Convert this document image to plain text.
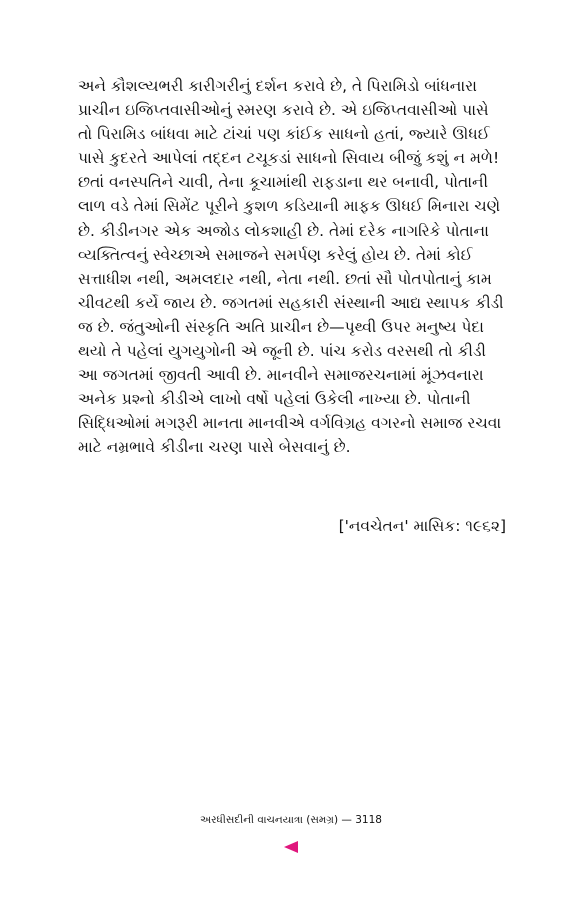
અને કૌશલ્યભરી કારીગરીનું દર્શન કરાવે છે, તે પિરામિડો બાંધનારા
પ્રાચીન ઇજિપ્તવાસીઓનું સ્મરણ કરાવે છે. એ ઇજિપ્તવાસીઓ પાસે
તો પિરામિડ બાંધવા માટે ટાંચાં પણ કાંઈક સાધનો હતાં, જ્યારે ઊધઈ
પાસે કુદરતે આપેલાં તદ્દન ટચૂકડાં સાધનો સિવાય બીજું કશું ન મળે!
છતાં વનસ્પતિને ચાવી, તેના કૂચામાંથી રાફડાના થર બનાવી, પોતાની
લાળ વડે તેમાં સિમેંટ પૂરીને કુશળ કડિયાની માફક ઊધઈ મિનારા ચણે
છે. કીડીનગર એક અજોડ લોકશાહી છે. તેમાં દરેક નાગરિકે પોતાના
વ્યક્તિત્વનું સ્વેચ્છાએ સમાજને સમર્પણ કરેલું હોય છે. તેમાં કોઈ
સત્તાધીશ નથી, અમલદાર નથી, નેતા નથી. છતાં સૌ પોતપોતાનું કામ
ચીવટથી કર્યે જાય છે. જગતમાં સહકારી સંસ્થાની આદ્ય સ્થાપક કીડી
જ છે. જંતુઓની સંસ્કૃતિ અતિ પ્રાચીન છે—પૃથ્વી ઉપર મનુષ્ય પેદા
થયો તે પહેલાં યુગયુગોની એ જૂની છે. પાંચ કરોડ વરસથી તો કીડી
આ જગતમાં જીવતી આવી છે. માનવીને સમાજરચનામાં મૂંઝવનારા
અનેક પ્રશ્નો કીડીએ લાખો વર્ષો પહેલાં ઉકેલી નાખ્યા છે. પોતાની
સિદ્ધિઓમાં મગરૂરી માનતા માનવીએ વર્ગવિગ્રહ વગરનો સમાજ રચવા
માટે નમ્રભાવે કીડીના ચરણ પાસે બેસવાનું છે.
['નવચેતન' માસિક: ૧૯૬૨]
અરધીસદીની વાચનયાત્રા (સમગ્ર) — 3118
